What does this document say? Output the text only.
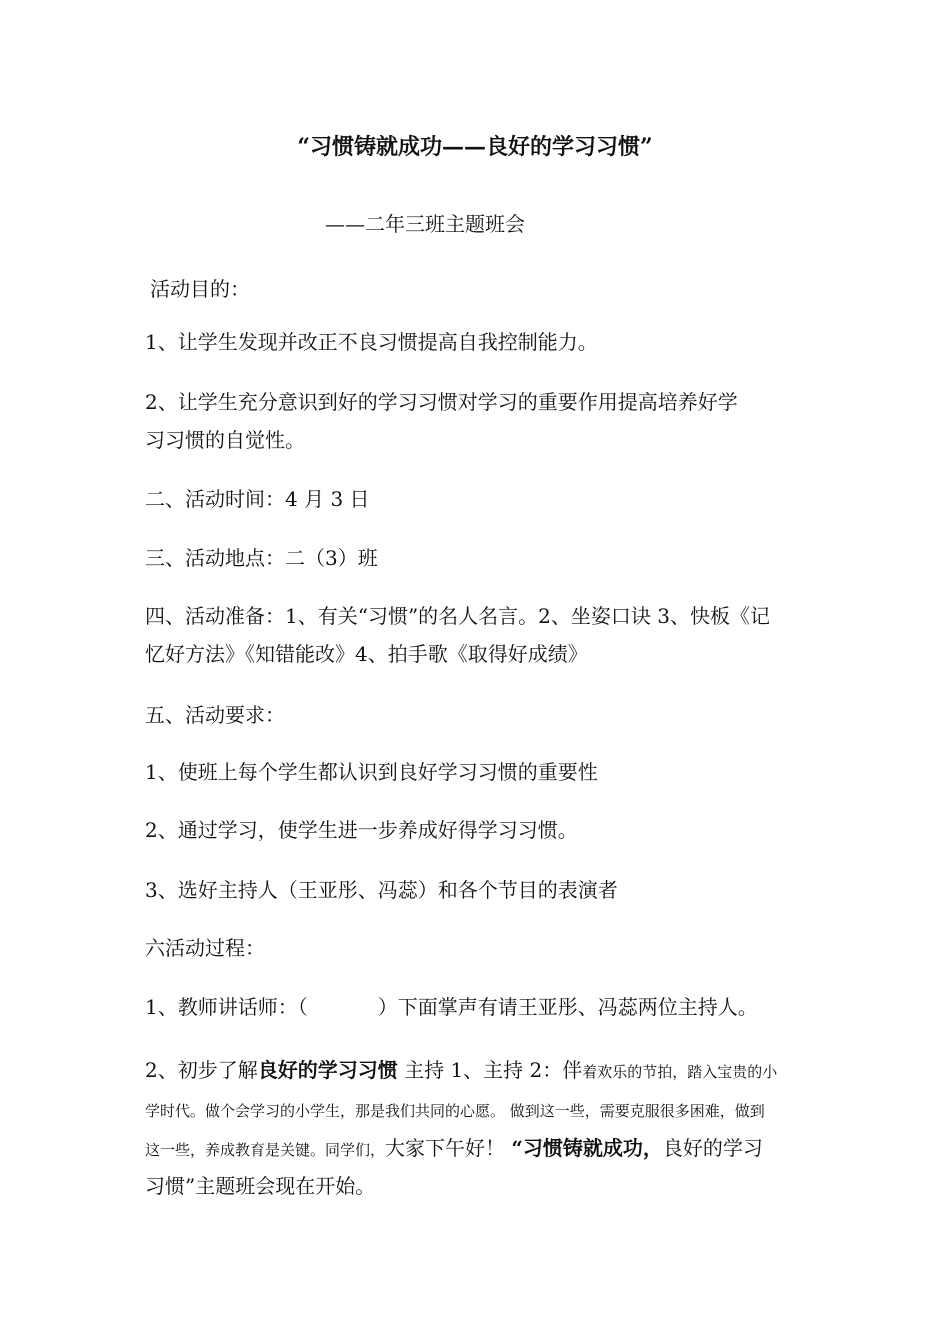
“习惯铸就成功——良好的学习习惯”
——二年三班主题班会
活动目的：
1、让学生发现并改正不良习惯提高自我控制能力。
2、让学生充分意识到好的学习习惯对学习的重要作用提高培养好学
习习惯的自觉性。
二、活动时间：4 月 3 日
三、活动地点：二（3）班
四、活动准备：1、有关“习惯”的名人名言。2、坐姿口诀 3、快板《记
忆好方法》《知错能改》4、拍手歌《取得好成绩》
五、活动要求：
1、使班上每个学生都认识到良好学习习惯的重要性
2、通过学习，使学生进一步养成好得学习习惯。
3、选好主持人（王亚彤、冯蕊）和各个节目的表演者
六活动过程：
1、教师讲话师：（	）下面掌声有请王亚彤、冯蕊两位主持人。
2、初步了解良好的学习习惯 主持 1、主持 2：伴着欢乐的节拍，踏入宝贵的小
学时代。做个会学习的小学生，那是我们共同的心愿。 做到这一些，需要克服很多困难，做到
这一些，养成教育是关键。同学们，大家下午好！ “习惯铸就成功，良好的学习
习惯”主题班会现在开始。
